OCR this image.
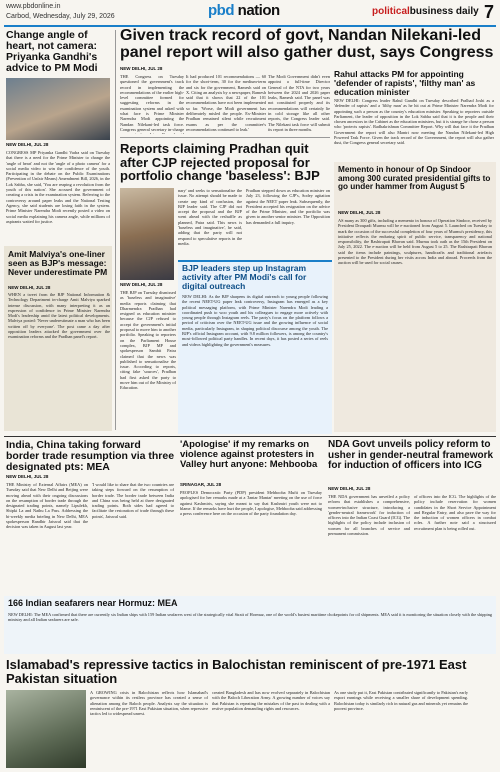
www.pbdonline.in
Carbod, Wednesday, July 29, 2026	pbd nation	politicalbusiness daily 7
Change angle of heart, not camera: Priyanka Gandhi's advice to PM Modi
NEW DELHI, JUL 28
CONGRESS MP Priyanka Gandhi Vadra said on Tuesday that there is a need for the Prime Minister to change the 'angle of heart' and not the 'angle of a photo camera' for a social media video to win the confidence of the youth. Participating in the debate on the Public Examinations (Prevention of Unfair Means) Amendment Bill, 2026, in the Lok Sabha, she said, 'You are reaping a revolution from the youth of this nation'. She accused the government of creating a crisis in the examination system. Referring to the controversy around paper leaks and the National Testing Agency, she said students are losing faith in the system. Prime Minister Narendra Modi recently posted a video on social media explaining his camera angle, while millions of aspirants waited for justice.
Amit Malviya's one-liner seen as BJP's message: Never underestimate PM
NEW DELHI, JUL 28
WHEN a tweet from the BJP National Information & Technology Department in-charge Amit Malviya sparked intense discussion, with many interpreting it as an expression of confidence in Prime Minister Narendra Modi's leadership amid the latest political developments. Malviya posted: 'Never underestimate a man who has been written off by everyone'. The post came a day after opposition leaders attacked the government over the examination reforms and the Pradhan panel's report.
Given track record of govt, Nandan Nilekani-led panel report will also gather dust, says Congress
NEW DELHI, JUL 28
THE Congress on Tuesday questioned the government's track record in implementing the recommendations of the earlier high-level committee formed for suggesting reforms in the examination system and asked with what face is Prime Minister Narendra Modi appointing the Nandan Nilekani-led task force. Congress general secretary in-charge
It had produced 101 recommendations — 60 for the short-term, 30 for the medium-term and six for the government, Ramesh said on X. Citing an analysis by a newspaper, Ramesh said that it shows that 22 of the 101 recommendations have not been implemented so far. 'Worse, the Modi government has deliberately misled the people. Ex-Minister Pradhan remained silent while recruitment exams as per the committee's recommendations continued to leak.'
The Modi Government didn't even appoint a full-time Director General of the NTA for two years between the 2024 and 2026 paper leaks, Ramesh said. The panel was not constituted properly and its recommendations will certainly lie in cold storage like all other reports, the Congress leader said. The Nilekani task force will submit its report in three months.
Rahul attacks PM for appointing 'defender of rapists', 'filthy man' as education minister
NEW DELHI: Congress leader Rahul Gandhi on Tuesday described Pralhad Joshi as a 'defender of rapists' and a 'filthy man' as he hit out at Prime Minister Narendra Modi for appointing such a person as the country's education minister. Speaking to reporters outside Parliament, the leader of opposition in the Lok Sabha said that it is the people and their chosen ancestors in the Cabinet as the education ministers, but it is strange he chose a person who 'protects rapists'. Radhakrishnan Committee Report. Why will that face it the Pradhan Government the report will also Mantri now meeting the Nandan Nilekani-led High Powered Task Force. Given the track record of the Government, the report will also gather dust, the Congress general secretary said.
Reports claiming Pradhan quit after CJP rejected proposal for portfolio change 'baseless': BJP
NEW DELHI, JUL 28
THE BJP on Tuesday dismissed as 'baseless and imaginative' media reports claiming that Dharmendra Pradhan had resigned as education minister because the CJP refused to accept the government's initial proposal to move him to another portfolio. Speaking to reporters on the Parliament House complex, BJP MP and spokesperson Sambit Patra claimed that the news was published to sensationalise the issue. According to reports, citing fake 'sources', Pradhan had first asked the party to move him out of the Ministry of Education.
nary' and seeks to sensationalise the issue. No attempt should be made to create any kind of confusion, the BJP leader said. The CJP did not accept the proposal and the BJP went ahead with the reshuffle as planned, Patra said. This news is 'baseless and imaginative', he said, adding that the party will not respond to speculative reports in the media.
Pradhan stepped down as education minister on July 23, following the CJP's, Sodey agitation against the NEET paper leak. Subsequently, the President accepted his resignation on the advice of the Prime Minister, and the portfolio was given to another senior minister. The Opposition has demanded a full inquiry.
BJP leaders step up Instagram activity after PM Modi's call for digital outreach
NEW DELHI: As the BJP sharpens its digital outreach to young people following the recent NEET-UG paper leak controversy, Instagram has emerged as a key political messaging platform, with Prime Minister Narendra Modi leading a coordinated push to woo youth and his colleagues to engage more actively with young people through Instagram reels. The party's focus on the platform follows a period of criticism over the NEET-UG issue and the growing influence of social media, particularly Instagram, in shaping political discourse among the youth. The BJP's official Instagram account, with 9.8 million followers, is among the country's most-followed political party handles. In recent days, it has posted a series of reels and videos highlighting the government's measures.
Memento in honour of Op Sindoor among 300 curated presidential gifts to go under hammer from August 5
NEW DELHI, JUL 28
AS many as 300 gifts, including a memento in honour of Operation Sindoor, received by President Droupadi Murmu will be e-auctioned from August 5. Launched on Tuesday to mark the occasion of the successful completion of four years of Murmu's presidency, this initiative reflects the enduring spirit of public service, transparency and national responsibility, the Rashtrapati Bhavan said. Murmu took oath as the 15th President on July 25, 2022. The e-auction will be held from August 5 to 25. The Rashtrapati Bhavan said the items include paintings, sculptures, handicrafts and traditional artefacts presented to the President during her visits across India and abroad. Proceeds from the auction will be used for social causes.
India, China taking forward border trade resumption via three designated pts: MEA
NEW DELHI, JUL 28
THE Ministry of External Affairs (MEA) on Tuesday said that New Delhi and Beijing were moving ahead with their ongoing discussions on the resumption of border trade through the designated trading points, namely Lipulekh, Shipki La and Nathu La Pass. Addressing the bi-weekly media briefing in New Delhi, MEA spokesperson Randhir Jaiswal said that the decision was taken in August last year.
'I would like to share that the two countries are taking steps forward on the resumption of border trade. The border trade between India and China was being held at three designated trading points. Both sides had agreed to facilitate the restoration of trade through these points', Jaiswal said.
'Apologise' if my remarks on violence against protesters in Valley hurt anyone: Mehbooba
SRINAGAR, JUL 28
PEOPLES Democratic Party (PDP) president Mehbooba Mufti on Tuesday apologised for her remarks made at a 'Jantar Mantar' meeting on the use of force against Kashmiris, saying she meant to say that Kashmiri youth were not to blame. If the remarks have hurt the people, I apologise, Mehbooba said addressing a press conference here on the occasion of the party foundation day.
NDA Govt unveils policy reform to usher in gender-neutral framework for induction of officers into ICG
NEW DELHI, JUL 28
THE NDA government has unveiled a policy reform that establishes a comprehensive, women-inclusive structure, introducing a 'gender-neutral framework' for induction of officers into the Indian Coast Guard (ICG). The highlights of the policy include inclusion of women for all branches of service and permanent commission.
of officers into the ICG. The highlights of the policy include reservation for women candidates in the Short Service Appointment and Regular Entry, and also pave the way for the induction of women officers in combat roles. A further note said a structured recruitment plan is being rolled out.
166 Indian seafarers near Hormuz: MEA
NEW DELHI: The MEA confirmed that there are currently six Indian ships with 159 Indian seafarers west of the strategically vital Strait of Hormuz, one of the world's busiest maritime chokepoints for oil shipments. MEA said it is monitoring the situation closely with the shipping ministry and all Indian seafarers are safe.
Islamabad's repressive tactics in Balochistan reminiscent of pre-1971 East Pakistan situation
A GROWING crisis in Balochistan reflects how Islamabad's governance within its restless province has created a sense of alienation among the Baloch people. Analysts say the situation is reminiscent of the pre-1971 East Pakistan situation, when repressive tactics led to widespread unrest.
created Bangladesh and has now evolved separately in Balochistan with the Baloch Liberation Army. A growing number of voices say that Pakistan is repeating the mistakes of the past in dealing with a restive population demanding rights and resources.
As one study put it, East Pakistan contributed significantly to Pakistan's early export earnings while receiving a smaller share of development spending. Balochistan today is similarly rich in natural gas and minerals yet remains the poorest province.
